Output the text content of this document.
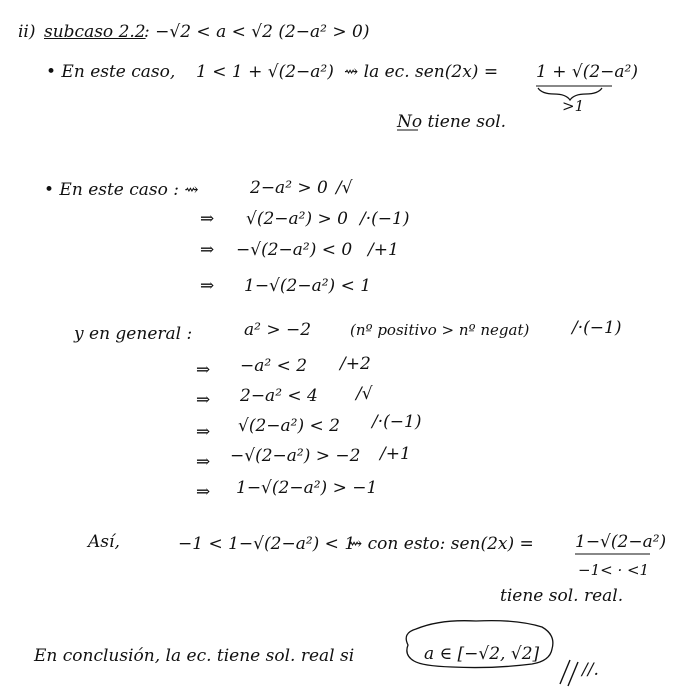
ii) subcaso 2.2
: −√2 < a < √2 (2−a² > 0)
• En este caso, 1 < 1 + √(2−a²) ⇝ la ec. sen(2x) = 1 + √(2−a²)
>1
No tiene sol.
• En este caso : ⇝	2−a² > 0 /√
⇒ √(2−a²) > 0 /·(−1)
⇒ −√(2−a²) < 0 /+1
⇒ 1−√(2−a²) < 1
y en general :	a² > −2	(nº positivo > nº negat)	/·(−1)
⇒ −a² < 2 /+2
⇒ 2−a² < 4 /√
⇒ √(2−a²) < 2 /·(−1)
⇒ −√(2−a²) > −2 /+1
⇒ 1−√(2−a²) > −1
Así,	−1 < 1−√(2−a²) < 1
⇝ con esto: sen(2x) = 1−√(2−a²)
−1< · <1
tiene sol. real.
En conclusión, la ec. tiene sol. real si	a ∈ [−√2, √2]
//.
